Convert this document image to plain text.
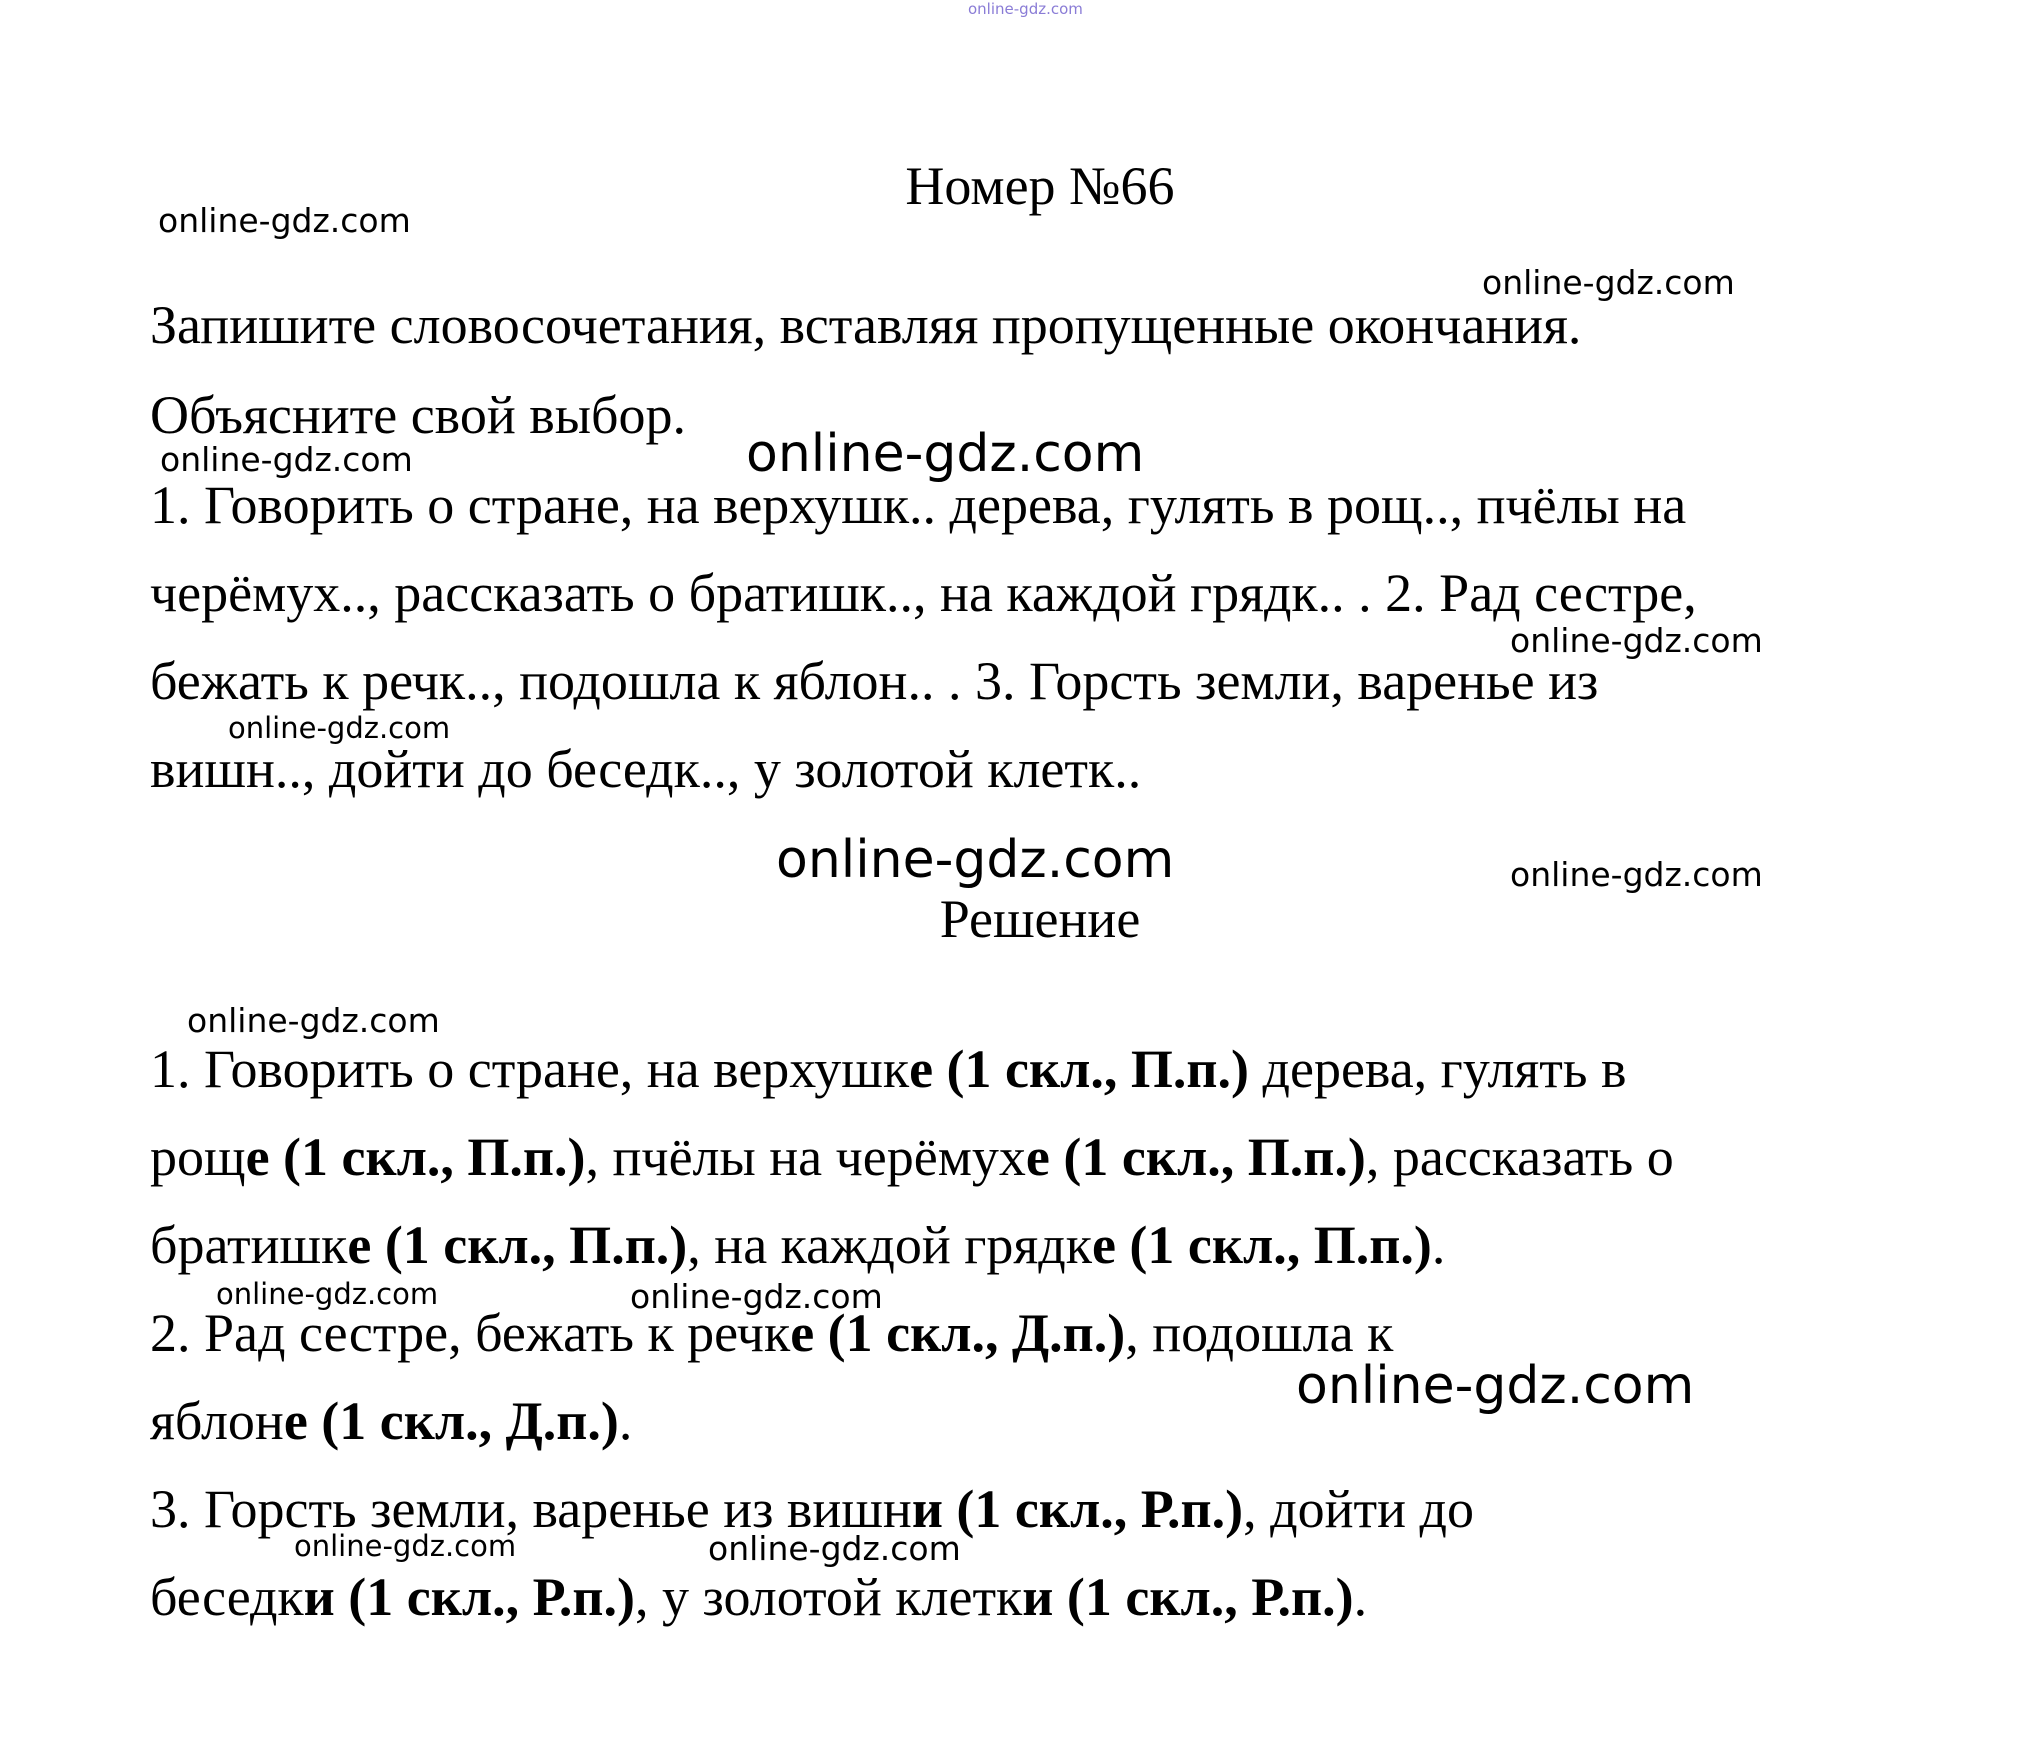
online-gdz.com
Номер №66
Запишите словосочетания, вставляя пропущенные окончания.
Объясните свой выбор.
1. Говорить о стране, на верхушк.. дерева, гулять в рощ.., пчёлы на
черёмух.., рассказать о братишк.., на каждой грядк.. . 2. Рад сестре,
бежать к речк.., подошла к яблон.. . 3. Горсть земли, варенье из
вишн.., дойти до беседк.., у золотой клетк..
Решение
1. Говорить о стране, на верхушке (1 скл., П.п.) дерева, гулять в
роще (1 скл., П.п.), пчёлы на черёмухе (1 скл., П.п.), рассказать о
братишке (1 скл., П.п.), на каждой грядке (1 скл., П.п.).
2. Рад сестре, бежать к речке (1 скл., Д.п.), подошла к
яблоне (1 скл., Д.п.).
3. Горсть земли, варенье из вишни (1 скл., Р.п.), дойти до
беседки (1 скл., Р.п.), у золотой клетки (1 скл., Р.п.).
online-gdz.com
online-gdz.com
online-gdz.com	online-gdz.com
online-gdz.com
online-gdz.com
online-gdz.com	online-gdz.com
online-gdz.com
online-gdz.com	online-gdz.com
online-gdz.com
online-gdz.com	online-gdz.com
